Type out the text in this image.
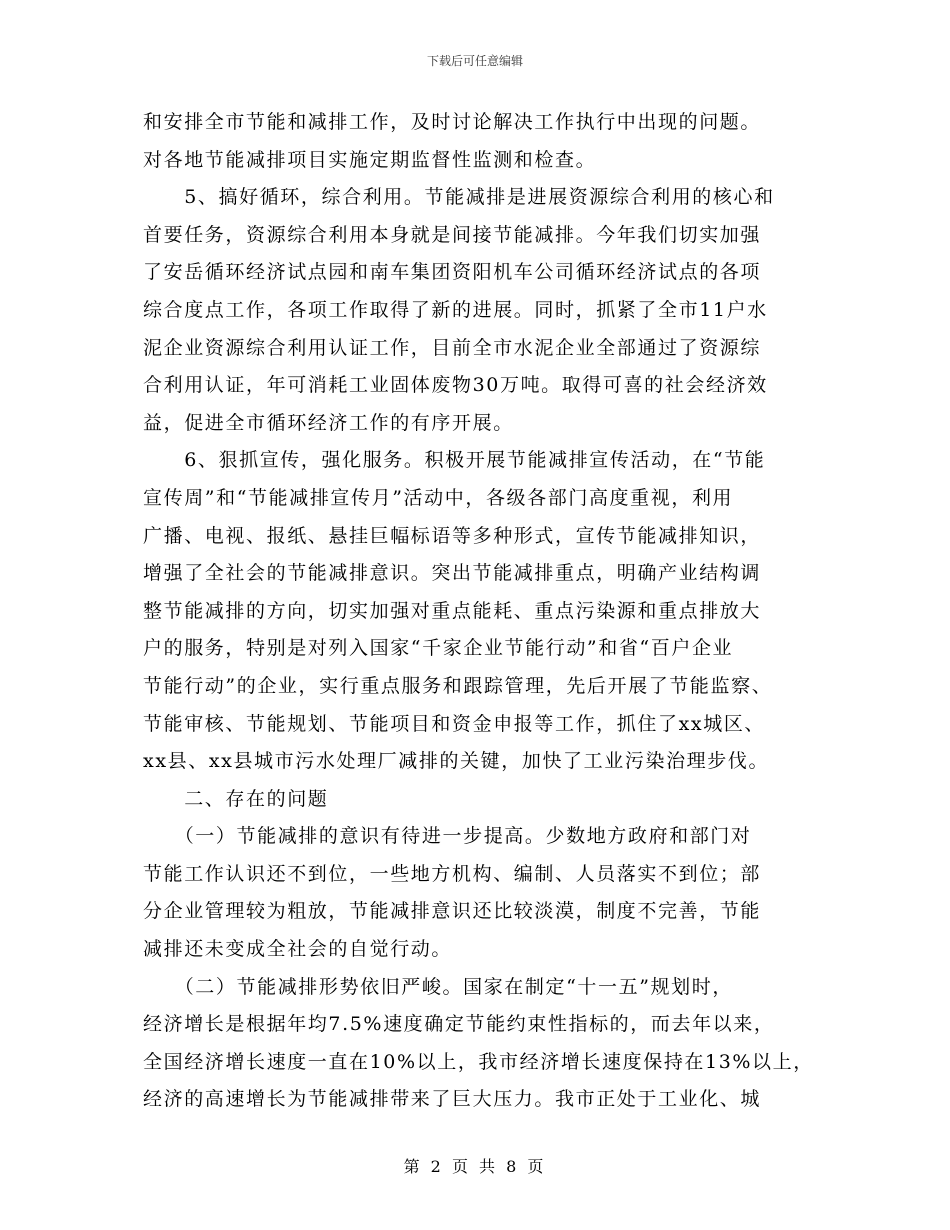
下载后可任意编辑
和安排全市节能和减排工作，及时讨论解决工作执行中出现的问题。
对各地节能减排项目实施定期监督性监测和检查。
　　5、搞好循环，综合利用。节能减排是进展资源综合利用的核心和
首要任务，资源综合利用本身就是间接节能减排。今年我们切实加强
了安岳循环经济试点园和南车集团资阳机车公司循环经济试点的各项
综合度点工作，各项工作取得了新的进展。同时，抓紧了全市11户水
泥企业资源综合利用认证工作，目前全市水泥企业全部通过了资源综
合利用认证，年可消耗工业固体废物30万吨。取得可喜的社会经济效
益，促进全市循环经济工作的有序开展。
　　6、狠抓宣传，强化服务。积极开展节能减排宣传活动，在“节能
宣传周”和“节能减排宣传月”活动中，各级各部门高度重视，利用
广播、电视、报纸、悬挂巨幅标语等多种形式，宣传节能减排知识，
增强了全社会的节能减排意识。突出节能减排重点，明确产业结构调
整节能减排的方向，切实加强对重点能耗、重点污染源和重点排放大
户的服务，特别是对列入国家“千家企业节能行动”和省“百户企业
节能行动”的企业，实行重点服务和跟踪管理，先后开展了节能监察、
节能审核、节能规划、节能项目和资金申报等工作，抓住了xx城区、
xx县、xx县城市污水处理厂减排的关键，加快了工业污染治理步伐。
　　二、存在的问题
　　（一）节能减排的意识有待进一步提高。少数地方政府和部门对
节能工作认识还不到位，一些地方机构、编制、人员落实不到位；部
分企业管理较为粗放，节能减排意识还比较淡漠，制度不完善，节能
减排还未变成全社会的自觉行动。
　　（二）节能减排形势依旧严峻。国家在制定“十一五”规划时，
经济增长是根据年均7.5%速度确定节能约束性指标的，而去年以来，
全国经济增长速度一直在10%以上，我市经济增长速度保持在13%以上，
经济的高速增长为节能减排带来了巨大压力。我市正处于工业化、城
第 2 页 共 8 页
